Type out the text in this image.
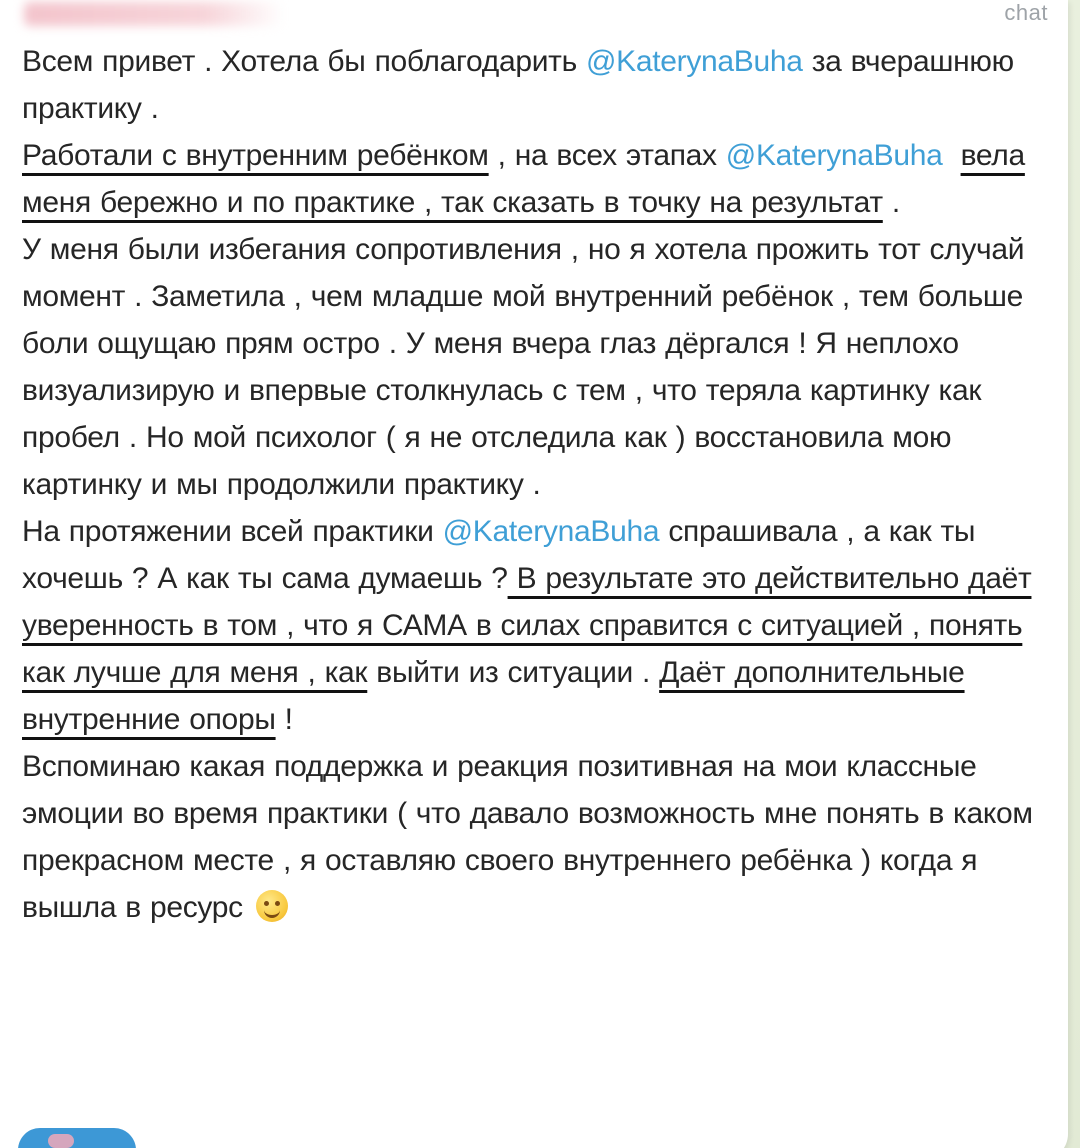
chat

Всем привет . Хотела бы поблагодарить @KaterynaBuha за вчерашнюю практику .

Работали с внутренним ребёнком , на всех этапах @KaterynaBuha вела меня бережно и по практике , так сказать в точку на результат .

У меня были избегания сопротивления , но я хотела прожить тот случай момент . Заметила , чем младше мой внутренний ребёнок , тем больше боли ощущаю прям остро . У меня вчера глаз дёргался ! Я неплохо визуализирую и впервые столкнулась с тем , что теряла картинку как пробел . Но мой психолог ( я не отследила как ) восстановила мою картинку и мы продолжили практику .

На протяжении всей практики @KaterynaBuha спрашивала , а как ты хочешь ? А как ты сама думаешь ? В результате это действительно даёт уверенность в том , что я САМА в силах справится с ситуацией , понять как лучше для меня , как выйти из ситуации . Даёт дополнительные внутренние опоры !

Вспоминаю какая поддержка и реакция позитивная на мои классные эмоции во время практики ( что давало возможность мне понять в каком прекрасном месте , я оставляю своего внутреннего ребёнка ) когда я вышла в ресурс
